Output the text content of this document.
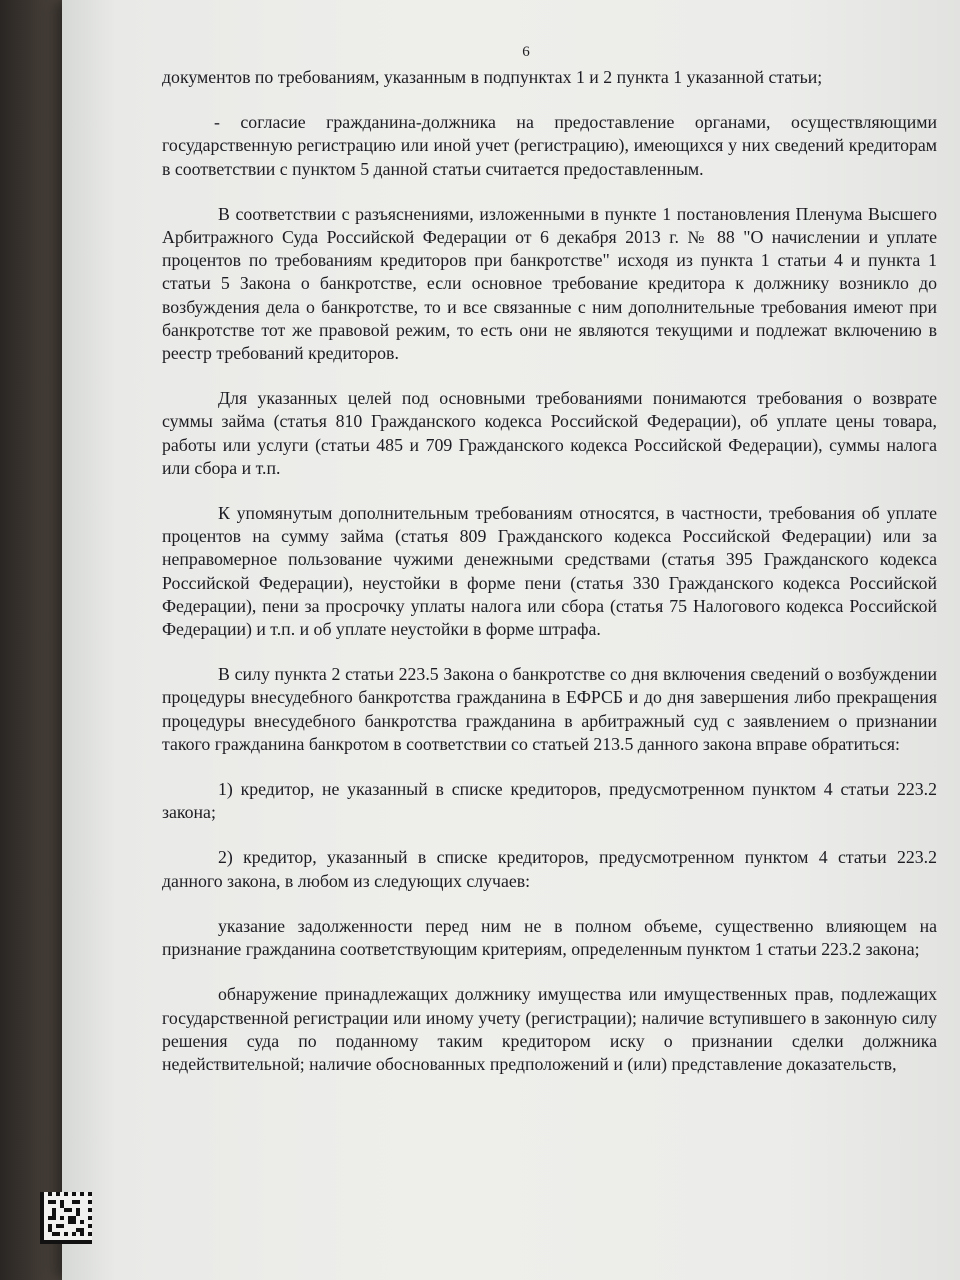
6

документов по требованиям, указанным в подпунктах 1 и 2 пункта 1 указанной статьи;

- согласие гражданина-должника на предоставление органами, осуществляющими государственную регистрацию или иной учет (регистрацию), имеющихся у них сведений кредиторам в соответствии с пунктом 5 данной статьи считается предоставленным.

В соответствии с разъяснениями, изложенными в пункте 1 постановления Пленума Высшего Арбитражного Суда Российской Федерации от 6 декабря 2013 г. № 88 "О начислении и уплате процентов по требованиям кредиторов при банкротстве" исходя из пункта 1 статьи 4 и пункта 1 статьи 5 Закона о банкротстве, если основное требование кредитора к должнику возникло до возбуждения дела о банкротстве, то и все связанные с ним дополнительные требования имеют при банкротстве тот же правовой режим, то есть они не являются текущими и подлежат включению в реестр требований кредиторов.

Для указанных целей под основными требованиями понимаются требования о возврате суммы займа (статья 810 Гражданского кодекса Российской Федерации), об уплате цены товара, работы или услуги (статьи 485 и 709 Гражданского кодекса Российской Федерации), суммы налога или сбора и т.п.

К упомянутым дополнительным требованиям относятся, в частности, требования об уплате процентов на сумму займа (статья 809 Гражданского кодекса Российской Федерации) или за неправомерное пользование чужими денежными средствами (статья 395 Гражданского кодекса Российской Федерации), неустойки в форме пени (статья 330 Гражданского кодекса Российской Федерации), пени за просрочку уплаты налога или сбора (статья 75 Налогового кодекса Российской Федерации) и т.п. и об уплате неустойки в форме штрафа.

В силу пункта 2 статьи 223.5 Закона о банкротстве со дня включения сведений о возбуждении процедуры внесудебного банкротства гражданина в ЕФРСБ и до дня завершения либо прекращения процедуры внесудебного банкротства гражданина в арбитражный суд с заявлением о признании такого гражданина банкротом в соответствии со статьей 213.5 данного закона вправе обратиться:

1) кредитор, не указанный в списке кредиторов, предусмотренном пунктом 4 статьи 223.2 закона;

2) кредитор, указанный в списке кредиторов, предусмотренном пунктом 4 статьи 223.2 данного закона, в любом из следующих случаев:

указание задолженности перед ним не в полном объеме, существенно влияющем на признание гражданина соответствующим критериям, определенным пунктом 1 статьи 223.2 закона;

обнаружение принадлежащих должнику имущества или имущественных прав, подлежащих государственной регистрации или иному учету (регистрации); наличие вступившего в законную силу решения суда по поданному таким кредитором иску о признании сделки должника недействительной; наличие обоснованных предположений и (или) представление доказательств,
